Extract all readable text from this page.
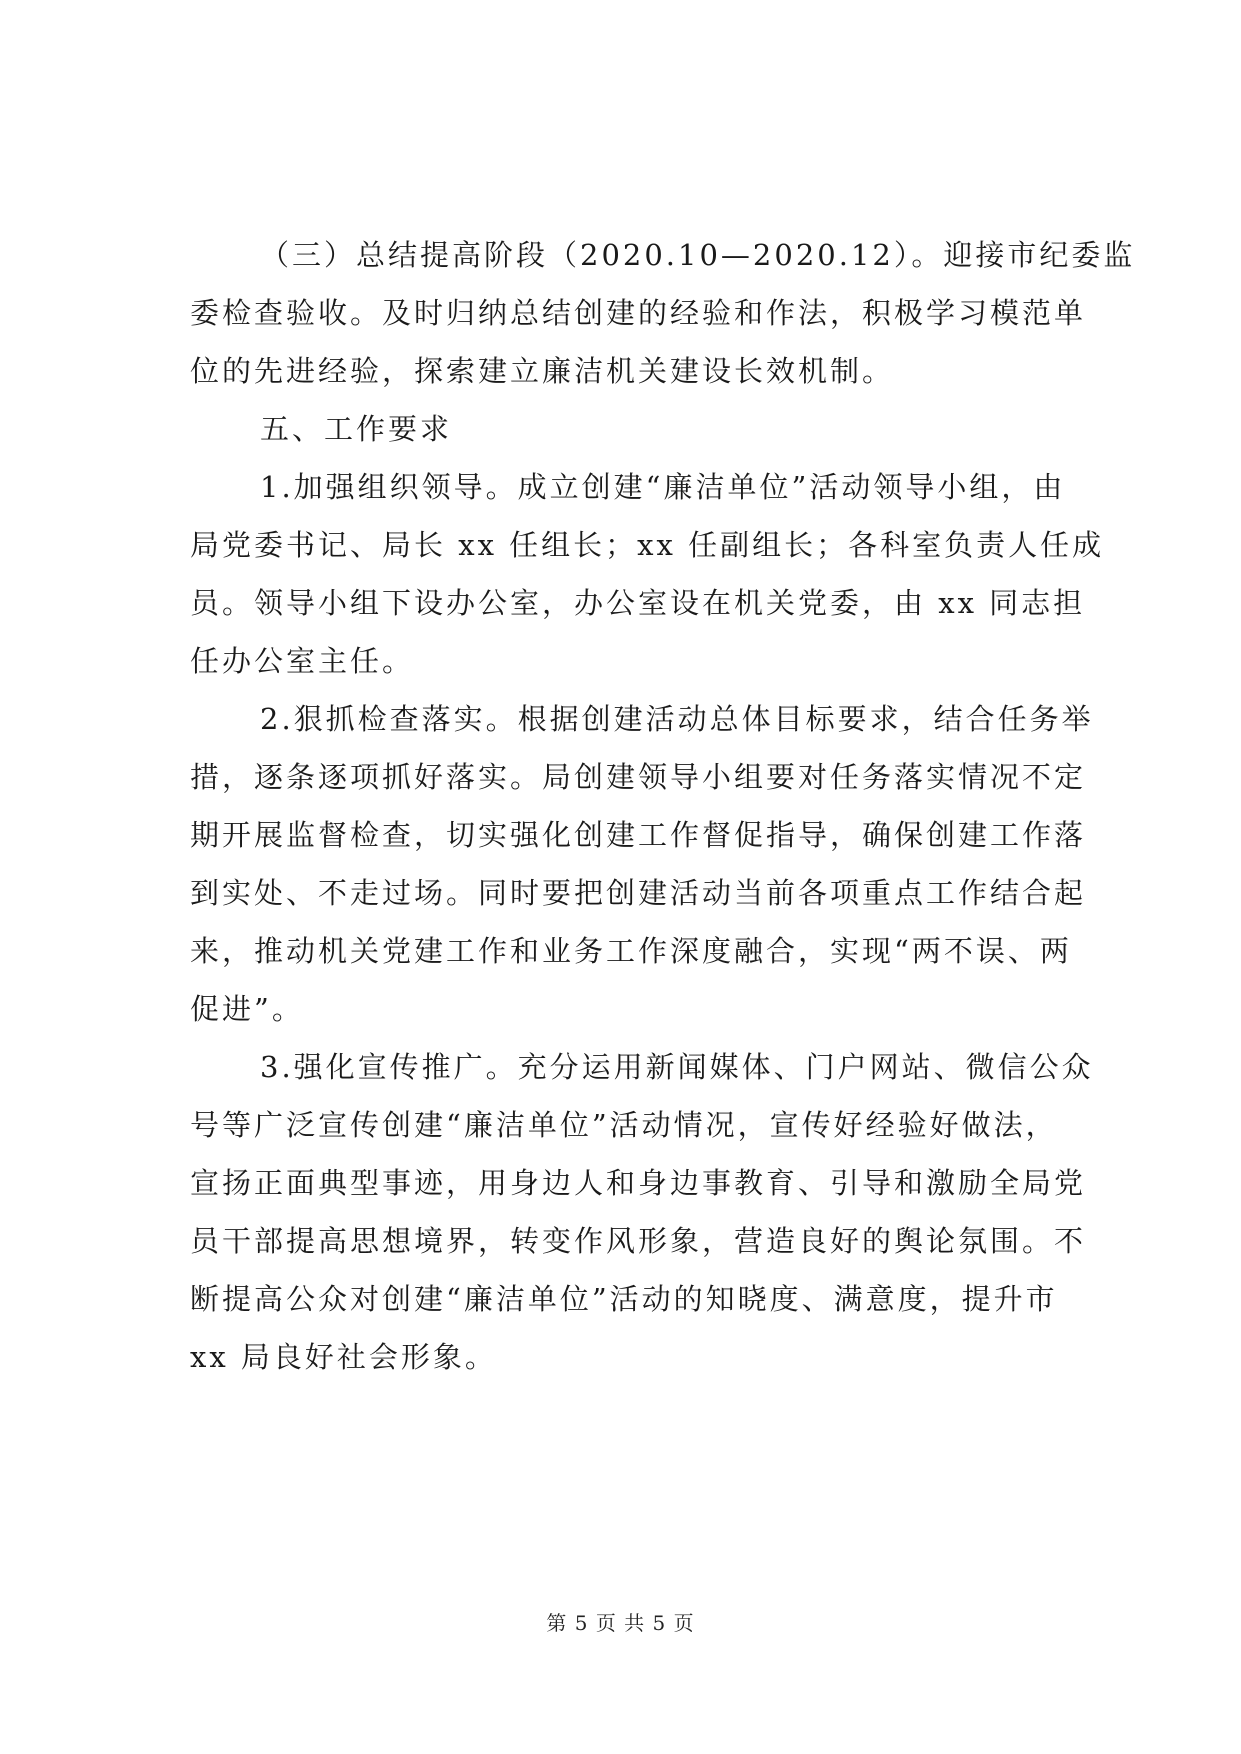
（三）总结提高阶段（2020.10—2020.12）。迎接市纪委监
委检查验收。及时归纳总结创建的经验和作法，积极学习模范单
位的先进经验，探索建立廉洁机关建设长效机制。

五、工作要求

1.加强组织领导。成立创建“廉洁单位”活动领导小组，由
局党委书记、局长 xx 任组长；xx 任副组长；各科室负责人任成
员。领导小组下设办公室，办公室设在机关党委，由 xx 同志担
任办公室主任。

2.狠抓检查落实。根据创建活动总体目标要求，结合任务举
措，逐条逐项抓好落实。局创建领导小组要对任务落实情况不定
期开展监督检查，切实强化创建工作督促指导，确保创建工作落
到实处、不走过场。同时要把创建活动当前各项重点工作结合起
来，推动机关党建工作和业务工作深度融合，实现“两不误、两
促进”。

3.强化宣传推广。充分运用新闻媒体、门户网站、微信公众
号等广泛宣传创建“廉洁单位”活动情况，宣传好经验好做法，
宣扬正面典型事迹，用身边人和身边事教育、引导和激励全局党
员干部提高思想境界，转变作风形象，营造良好的舆论氛围。不
断提高公众对创建“廉洁单位”活动的知晓度、满意度，提升市
xx 局良好社会形象。

第 5 页 共 5 页
